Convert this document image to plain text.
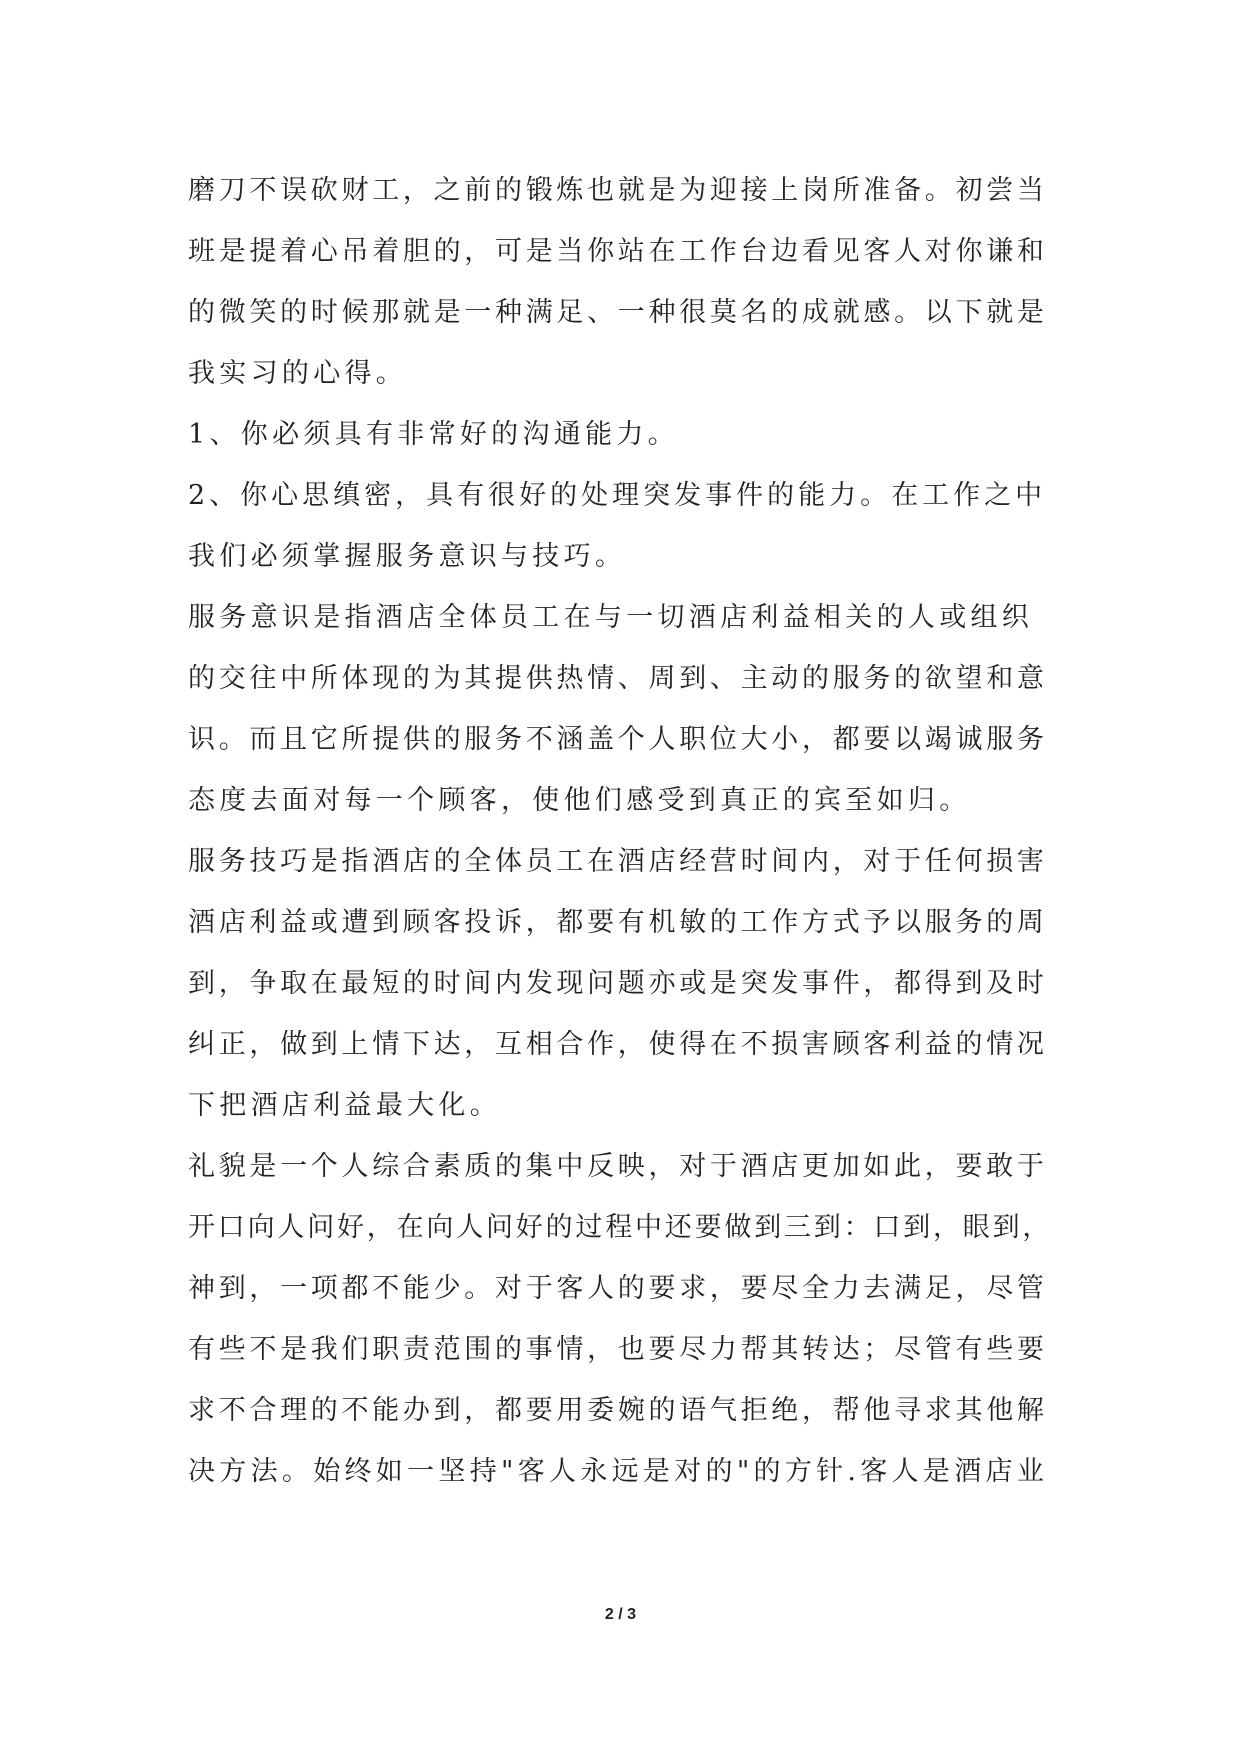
磨刀不误砍财工，之前的锻炼也就是为迎接上岗所准备。初尝当
班是提着心吊着胆的，可是当你站在工作台边看见客人对你谦和
的微笑的时候那就是一种满足、一种很莫名的成就感。以下就是
我实习的心得。
1、你必须具有非常好的沟通能力。
2、你心思缜密，具有很好的处理突发事件的能力。在工作之中
我们必须掌握服务意识与技巧。
服务意识是指酒店全体员工在与一切酒店利益相关的人或组织
的交往中所体现的为其提供热情、周到、主动的服务的欲望和意
识。而且它所提供的服务不涵盖个人职位大小，都要以竭诚服务
态度去面对每一个顾客，使他们感受到真正的宾至如归。
服务技巧是指酒店的全体员工在酒店经营时间内，对于任何损害
酒店利益或遭到顾客投诉，都要有机敏的工作方式予以服务的周
到，争取在最短的时间内发现问题亦或是突发事件，都得到及时
纠正，做到上情下达，互相合作，使得在不损害顾客利益的情况
下把酒店利益最大化。
礼貌是一个人综合素质的集中反映，对于酒店更加如此，要敢于
开口向人问好，在向人问好的过程中还要做到三到：口到，眼到，
神到，一项都不能少。对于客人的要求，要尽全力去满足，尽管
有些不是我们职责范围的事情，也要尽力帮其转达；尽管有些要
求不合理的不能办到，都要用委婉的语气拒绝，帮他寻求其他解
决方法。始终如一坚持"客人永远是对的"的方针.客人是酒店业
2 / 3
